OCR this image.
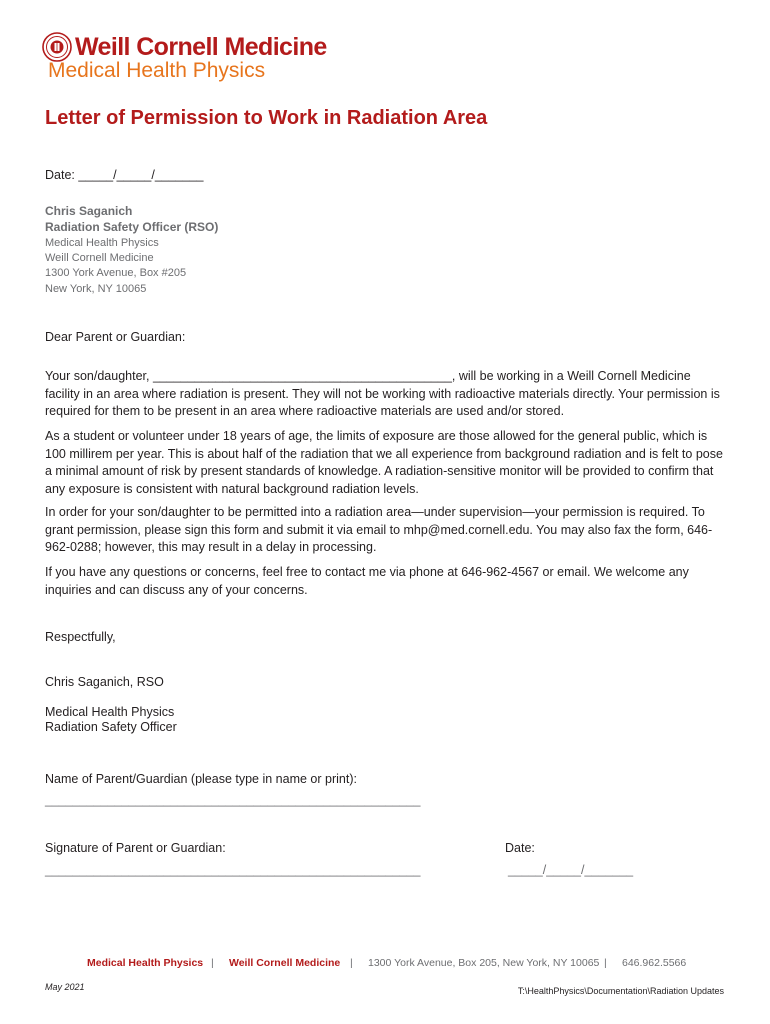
Weill Cornell Medicine
Medical Health Physics
Letter of Permission to Work in Radiation Area
Date: _____/_____/_______
Chris Saganich
Radiation Safety Officer (RSO)
Medical Health Physics
Weill Cornell Medicine
1300 York Avenue, Box #205
New York, NY 10065
Dear Parent or Guardian:
Your son/daughter, ___________________________________________, will be working in a Weill Cornell Medicine facility in an area where radiation is present. They will not be working with radioactive materials directly. Your permission is required for them to be present in an area where radioactive materials are used and/or stored.
As a student or volunteer under 18 years of age, the limits of exposure are those allowed for the general public, which is 100 millirem per year. This is about half of the radiation that we all experience from background radiation and is felt to pose a minimal amount of risk by present standards of knowledge. A radiation-sensitive monitor will be provided to confirm that any exposure is consistent with natural background radiation levels.
In order for your son/daughter to be permitted into a radiation area—under supervision—your permission is required. To grant permission, please sign this form and submit it via email to mhp@med.cornell.edu. You may also fax the form, 646-962-0288; however, this may result in a delay in processing.
If you have any questions or concerns, feel free to contact me via phone at 646-962-4567 or email. We welcome any inquiries and can discuss any of your concerns.
Respectfully,
Chris Saganich, RSO
Medical Health Physics
Radiation Safety Officer
Name of Parent/Guardian (please type in name or print):
______________________________________________________
Signature of Parent or Guardian:
______________________________________________________
Date:
_____/_____/_______
Medical Health Physics | Weill Cornell Medicine | 1300 York Avenue, Box 205, New York, NY 10065 | 646.962.5566
May 2021	T:\HealthPhysics\Documentation\Radiation Updates
